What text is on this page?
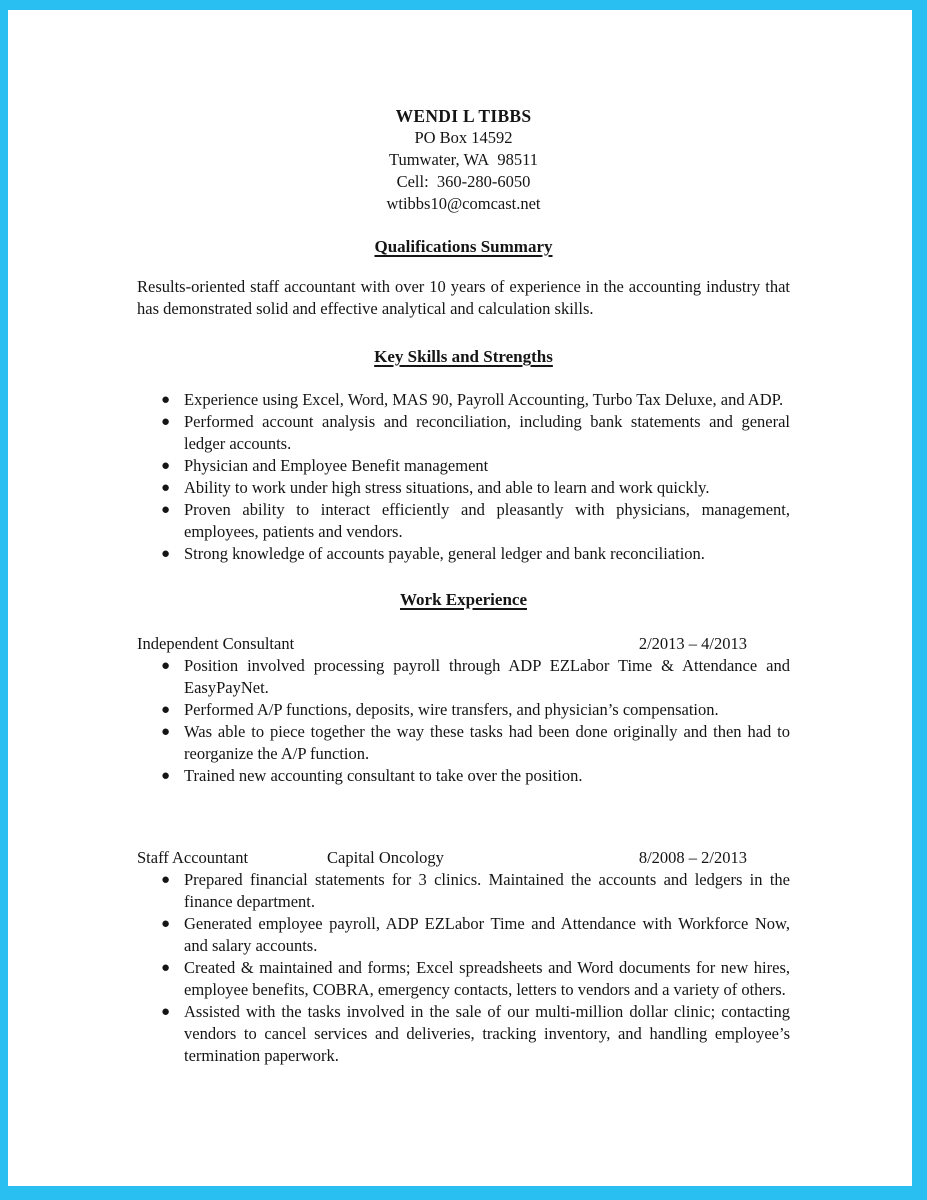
WENDI L TIBBS
PO Box 14592
Tumwater, WA  98511
Cell:  360-280-6050
wtibbs10@comcast.net
Qualifications Summary

Results-oriented staff accountant with over 10 years of experience in the accounting industry that has demonstrated solid and effective analytical and calculation skills.

Key Skills and Strengths
● Experience using Excel, Word, MAS 90, Payroll Accounting, Turbo Tax Deluxe, and ADP.
● Performed account analysis and reconciliation, including bank statements and general ledger accounts.
● Physician and Employee Benefit management
● Ability to work under high stress situations, and able to learn and work quickly.
● Proven ability to interact efficiently and pleasantly with physicians, management, employees, patients and vendors.
● Strong knowledge of accounts payable, general ledger and bank reconciliation.
Work Experience
Independent Consultant	2/2013 – 4/2013
● Position involved processing payroll through ADP EZLabor Time & Attendance and EasyPayNet.
● Performed A/P functions, deposits, wire transfers, and physician’s compensation.
● Was able to piece together the way these tasks had been done originally and then had to reorganize the A/P function.
● Trained new accounting consultant to take over the position.
Staff Accountant	Capital Oncology	8/2008 – 2/2013
● Prepared financial statements for 3 clinics. Maintained the accounts and ledgers in the finance department.
● Generated employee payroll, ADP EZLabor Time and Attendance with Workforce Now, and salary accounts.
● Created & maintained and forms; Excel spreadsheets and Word documents for new hires, employee benefits, COBRA, emergency contacts, letters to vendors and a variety of others.
● Assisted with the tasks involved in the sale of our multi-million dollar clinic; contacting vendors to cancel services and deliveries, tracking inventory, and handling employee’s termination paperwork.
